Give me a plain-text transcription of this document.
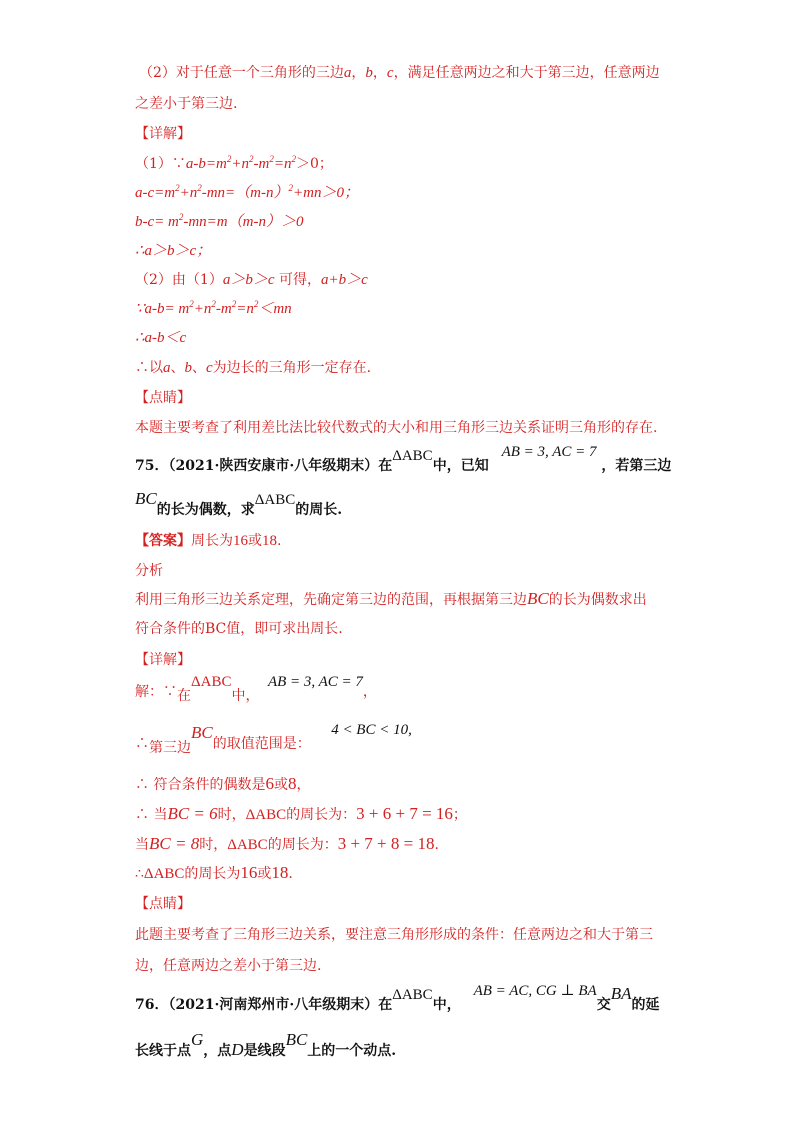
（2）对于任意一个三角形的三边a，b，c，满足任意两边之和大于第三边，任意两边
之差小于第三边.
【详解】
$(1)\because a-b=m^2+n^2-m^2=n^2>0$；
$a-c=m^2+n^2-mn=(m-n)^2+mn>0$；
$b-c= m^2-mn=m(m-n)>0$
∴a＞b＞c；
（2）由（1）a＞b＞c 可得，a+b＞c
∵a-b= $m^2+n^2-m^2=n^2<mn$
∴a-b＜c
∴以a、b、c为边长的三角形一定存在.
【点睛】
本题主要考查了利用差比法比较代数式的大小和用三角形三边关系证明三角形的存在.
75．（2021·陕西安康市·八年级期末）在ΔABC中，已知 AB = 3, AC = 7 ，若第三边
BC的长为偶数，求ΔABC的周长.
【答案】周长为16或18.
分析
利用三角形三边关系定理，先确定第三边的范围，再根据第三边BC的长为偶数求出
符合条件的BC值，即可求出周长.
【详解】
解：∵在ΔABC中， AB = 3, AC = 7，
∴第三边BC的取值范围是： 4 < BC < 10,
∴ 符合条件的偶数是6或8，
∴ 当BC = 6时，ΔABC的周长为：3 + 6 + 7 = 16；
当BC = 8时，ΔABC的周长为：3 + 7 + 8 = 18.
∴ΔABC的周长为16或18.
【点睛】
此题主要考查了三角形三边关系，要注意三角形形成的条件：任意两边之和大于第三
边，任意两边之差小于第三边.
76．（2021·河南郑州市·八年级期末）在ΔABC中， AB = AC, CG ⊥ BA交BA的延
长线于点G，点D是线段BC上的一个动点.
